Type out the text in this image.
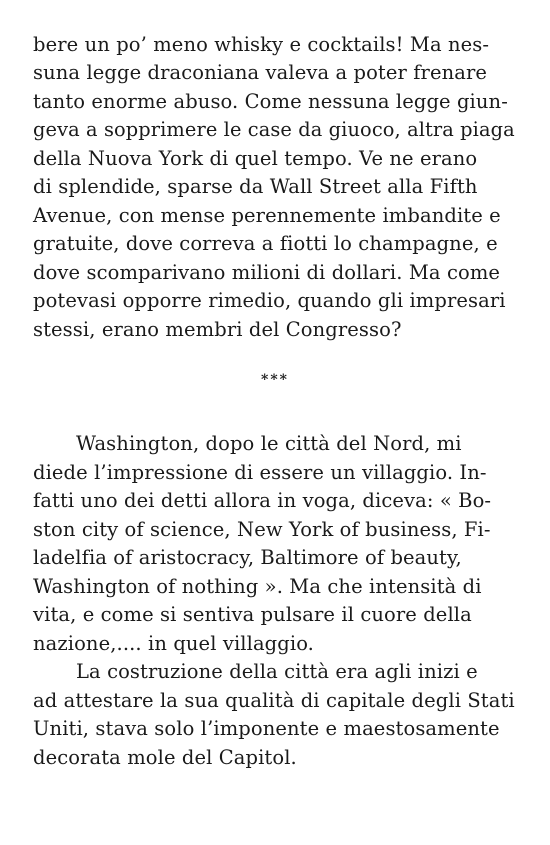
bere un po’ meno whisky e cocktails! Ma nes-
suna legge draconiana valeva a poter frenare
tanto enorme abuso. Come nessuna legge giun-
geva a sopprimere le case da giuoco, altra piaga
della Nuova York di quel tempo. Ve ne erano
di splendide, sparse da Wall Street alla Fifth
Avenue, con mense perennemente imbandite e
gratuite, dove correva a fiotti lo champagne, e
dove scomparivano milioni di dollari. Ma come
potevasi opporre rimedio, quando gli impresari
stessi, erano membri del Congresso?
***
Washington, dopo le città del Nord, mi
diede l’impressione di essere un villaggio. In-
fatti uno dei detti allora in voga, diceva: « Bo-
ston city of science, New York of business, Fi-
ladelfia of aristocracy, Baltimore of beauty,
Washington of nothing ». Ma che intensità di
vita, e come si sentiva pulsare il cuore della
nazione,.... in quel villaggio.
La costruzione della città era agli inizi e
ad attestare la sua qualità di capitale degli Stati
Uniti, stava solo l’imponente e maestosamente
decorata mole del Capitol.
